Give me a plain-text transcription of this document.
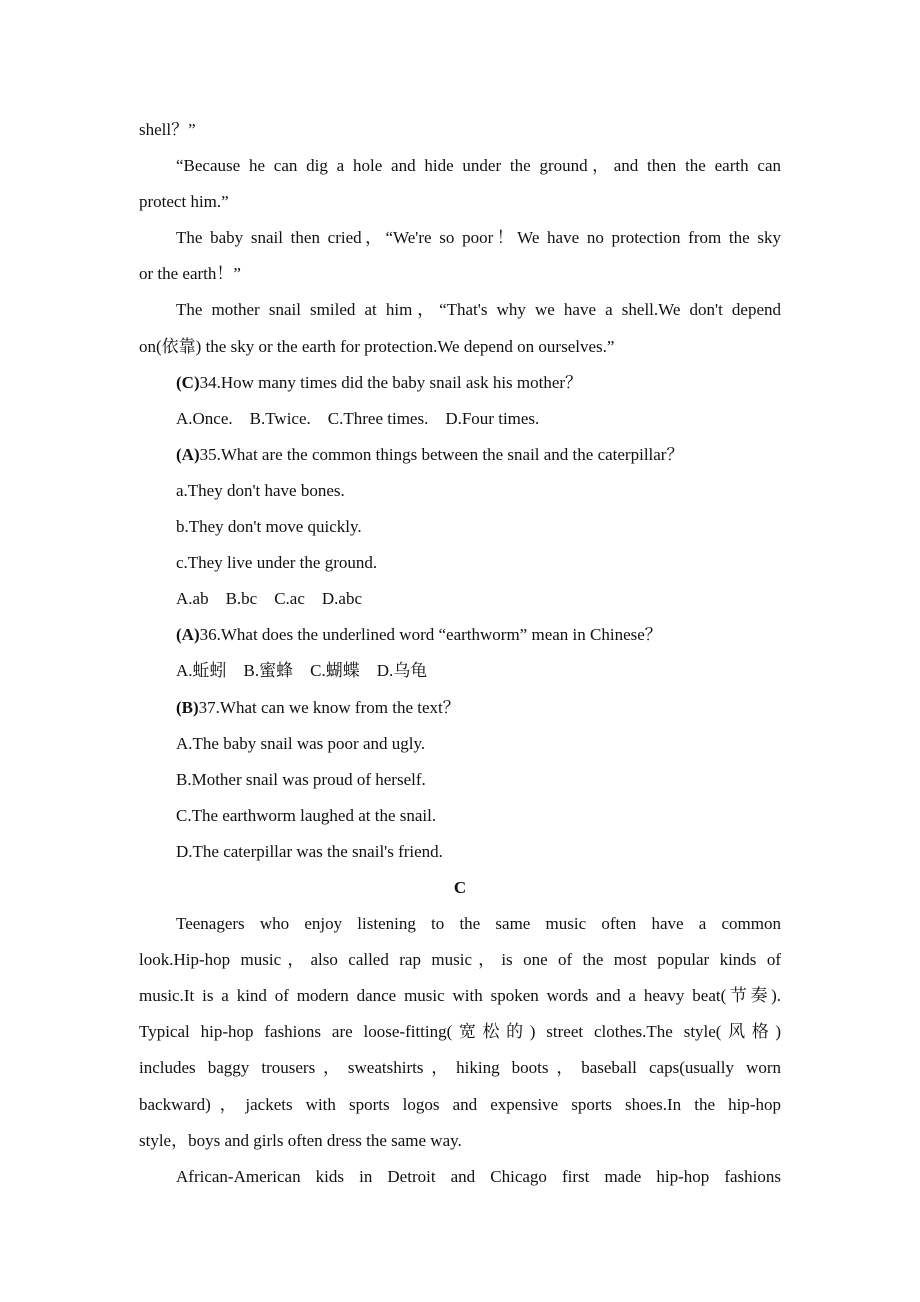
shell？”
“Because he can dig a hole and hide under the ground，and then the earth can
protect him.”
The baby snail then cried，“We're so poor！We have no protection from the sky
or the earth！”
The mother snail smiled at him，“That's why we have a shell.We don't depend
on(依靠) the sky or the earth for protection.We depend on ourselves.”
(C)34.How many times did the baby snail ask his mother？
A.Once.　B.Twice.　C.Three times.　D.Four times.
(A)35.What are the common things between the snail and the caterpillar？
a.They don't have bones.
b.They don't move quickly.
c.They live under the ground.
A.ab　B.bc　C.ac　D.abc
(A)36.What does the underlined word “earthworm” mean in Chinese？
A.蚯蚓　B.蜜蜂　C.蝴蝶　D.乌龟
(B)37.What can we know from the text？
A.The baby snail was poor and ugly.
B.Mother snail was proud of herself.
C.The earthworm laughed at the snail.
D.The caterpillar was the snail's friend.
C
Teenagers who enjoy listening to the same music often have a common
look.Hip-hop music，also called rap music，is one of the most popular kinds of
music.It is a kind of modern dance music with spoken words and a heavy beat(节奏).
Typical hip-hop fashions are loose-fitting(宽松的) street clothes.The style(风格)
includes baggy trousers，sweatshirts，hiking boots，baseball caps(usually worn
backward)，jackets with sports logos and expensive sports shoes.In the hip-hop
style，boys and girls often dress the same way.
African-American kids in Detroit and Chicago first made hip-hop fashions
